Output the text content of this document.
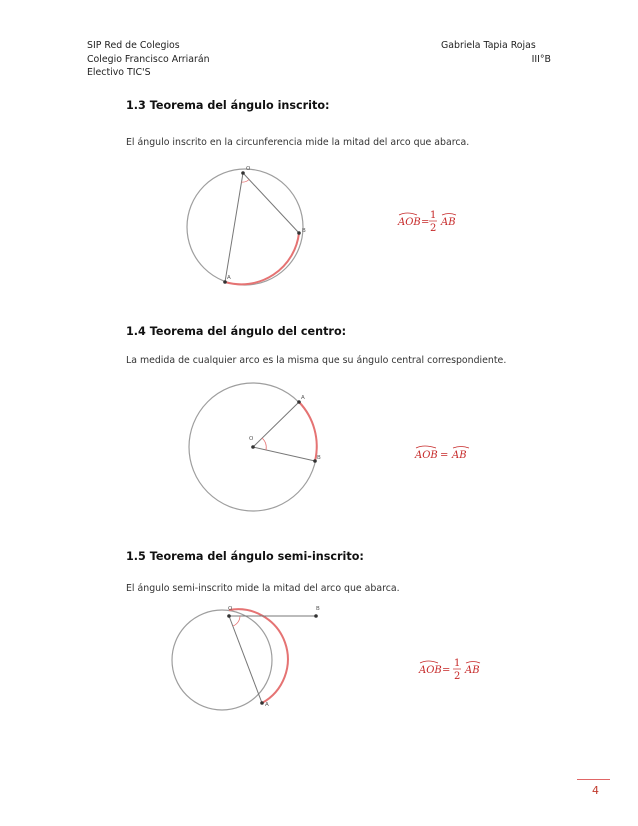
SIP Red de Colegios
Colegio Francisco Arriarán
Electivo TIC'S
Gabriela Tapia Rojas
III°B
1.3 Teorema del ángulo inscrito:
El ángulo inscrito en la circunferencia mide la mitad del arco que abarca.
1.4 Teorema del ángulo del centro:
La medida de cualquier arco es la misma que su ángulo central correspondiente.
1.5 Teorema del ángulo semi-inscrito:
El ángulo semi-inscrito mide la mitad del arco que abarca.
O
A
B
AOB =
1
2
AB
O
A
B	AOB = AB
O	B
A
AOB =
1
2
AB
4
